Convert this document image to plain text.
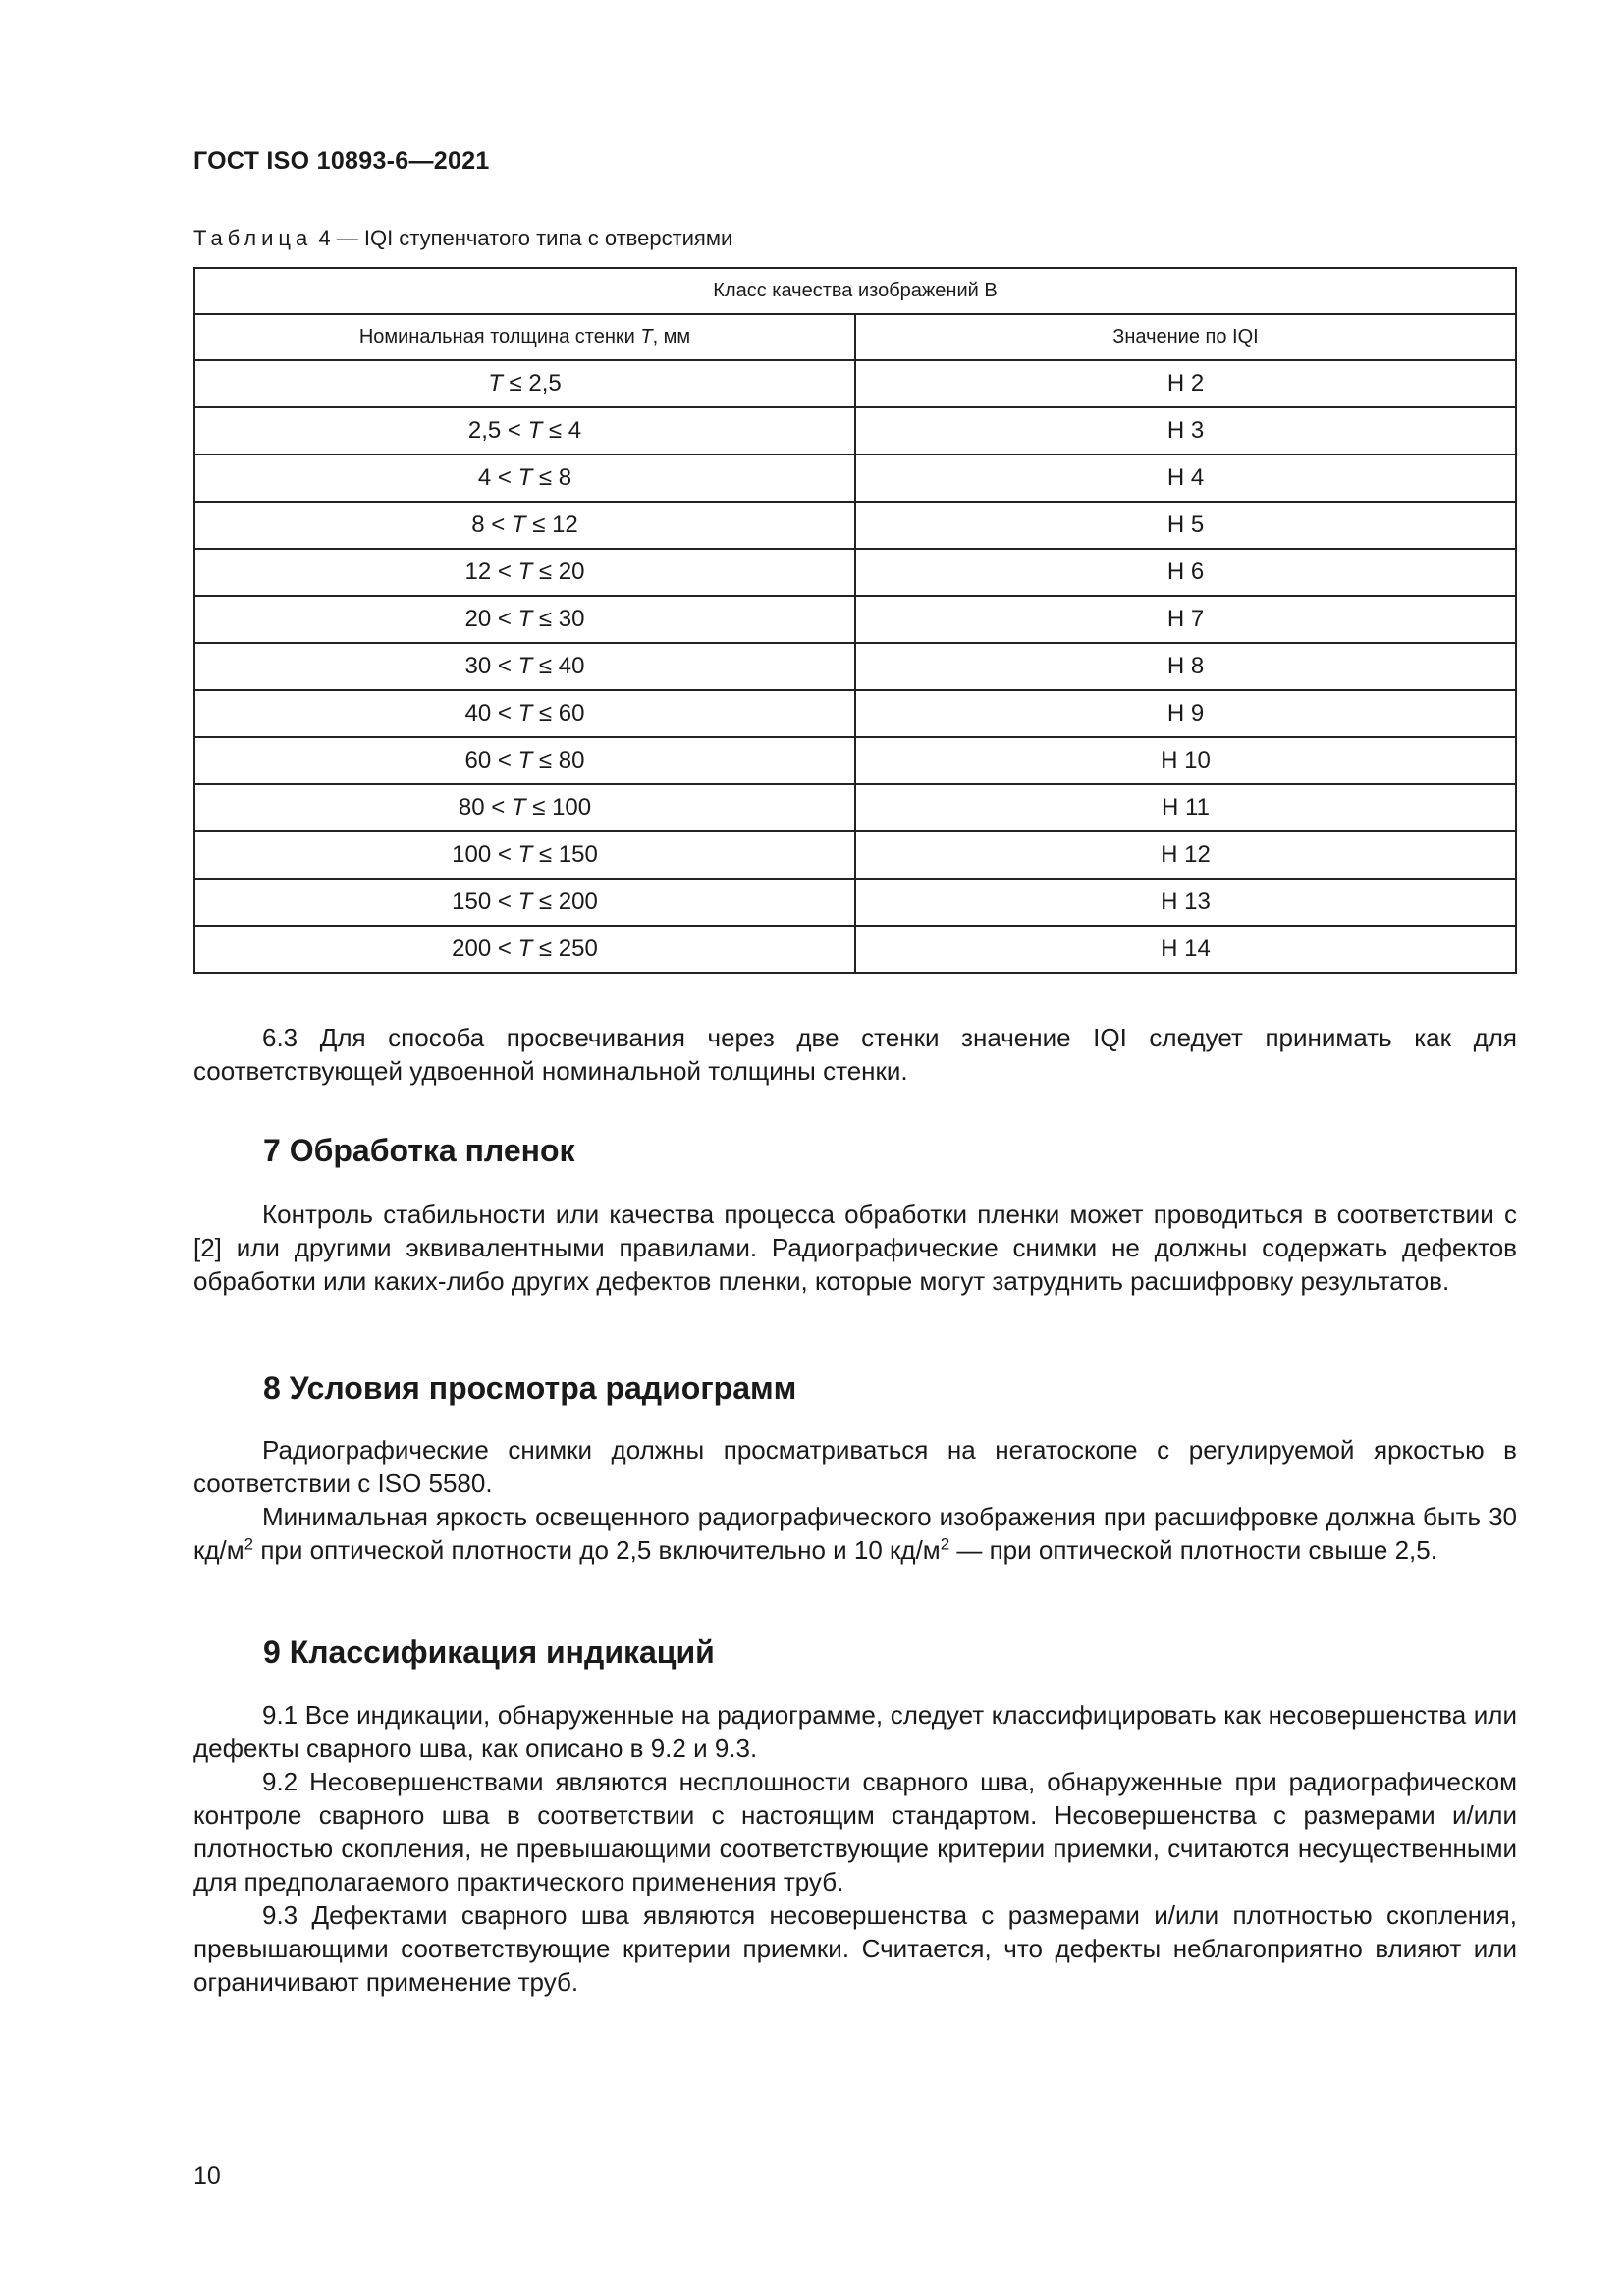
ГОСТ ISO 10893-6—2021
Таблица 4 — IQI ступенчатого типа с отверстиями
Класс качества изображений B	
Номинальная толщина стенки T, мм	Значение по IQI
T ≤ 2,5	H 2
2,5 < T ≤ 4	H 3
4 < T ≤ 8	H 4
8 < T ≤ 12	H 5
12 < T ≤ 20	H 6
20 < T ≤ 30	H 7
30 < T ≤ 40	H 8
40 < T ≤ 60	H 9
60 < T ≤ 80	H 10
80 < T ≤ 100	H 11
100 < T ≤ 150	H 12
150 < T ≤ 200	H 13
200 < T ≤ 250	H 14

6.3 Для способа просвечивания через две стенки значение IQI следует принимать как для соответствующей удвоенной номинальной толщины стенки.

7 Обработка пленок

Контроль стабильности или качества процесса обработки пленки может проводиться в соответствии с [2] или другими эквивалентными правилами. Радиографические снимки не должны содержать дефектов обработки или каких-либо других дефектов пленки, которые могут затруднить расшифровку результатов.

8 Условия просмотра радиограмм

Радиографические снимки должны просматриваться на негатоскопе с регулируемой яркостью в соответствии с ISO 5580.

Минимальная яркость освещенного радиографического изображения при расшифровке должна быть 30 $кд/м^2$ при оптической плотности до 2,5 включительно и 10 $кд/м^2$ — при оптической плотности свыше 2,5.

9 Классификация индикаций

9.1 Все индикации, обнаруженные на радиограмме, следует классифицировать как несовершенства или дефекты сварного шва, как описано в 9.2 и 9.3.

9.2 Несовершенствами являются несплошности сварного шва, обнаруженные при радиографическом контроле сварного шва в соответствии с настоящим стандартом. Несовершенства с размерами и/или плотностью скопления, не превышающими соответствующие критерии приемки, считаются несущественными для предполагаемого практического применения труб.

9.3 Дефектами сварного шва являются несовершенства с размерами и/или плотностью скопления, превышающими соответствующие критерии приемки. Считается, что дефекты неблагоприятно влияют или ограничивают применение труб.

10
